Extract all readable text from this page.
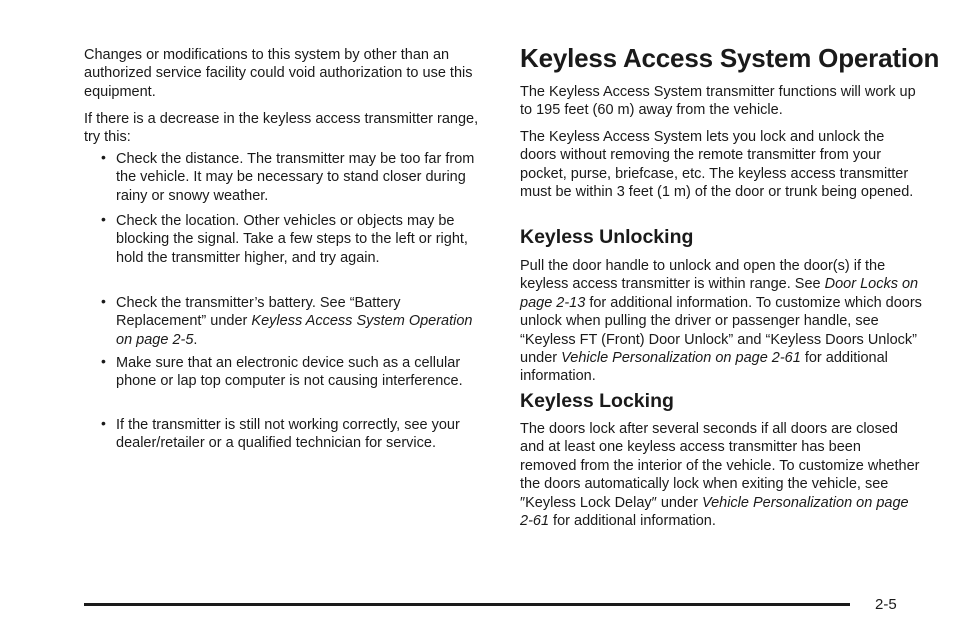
Changes or modifications to this system by other than an authorized service facility could void authorization to use this equipment.

If there is a decrease in the keyless access transmitter range, try this:

• Check the distance. The transmitter may be too far from the vehicle. It may be necessary to stand closer during rainy or snowy weather.
• Check the location. Other vehicles or objects may be blocking the signal. Take a few steps to the left or right, hold the transmitter higher, and try again.
• Check the transmitter’s battery. See “Battery Replacement” under Keyless Access System Operation on page 2-5.
• Make sure that an electronic device such as a cellular phone or lap top computer is not causing interference.
• If the transmitter is still not working correctly, see your dealer/retailer or a qualified technician for service.
Keyless Access System Operation

The Keyless Access System transmitter functions will work up to 195 feet (60 m) away from the vehicle.

The Keyless Access System lets you lock and unlock the doors without removing the remote transmitter from your pocket, purse, briefcase, etc. The keyless access transmitter must be within 3 feet (1 m) of the door or trunk being opened.

Keyless Unlocking

Pull the door handle to unlock and open the door(s) if the keyless access transmitter is within range. See Door Locks on page 2-13 for additional information. To customize which doors unlock when pulling the driver or passenger handle, see “Keyless FT (Front) Door Unlock” and “Keyless Doors Unlock” under Vehicle Personalization on page 2-61 for additional information.

Keyless Locking

The doors lock after several seconds if all doors are closed and at least one keyless access transmitter has been removed from the interior of the vehicle. To customize whether the doors automatically lock when exiting the vehicle, see ″Keyless Lock Delay″ under Vehicle Personalization on page 2-61 for additional information.

2-5
